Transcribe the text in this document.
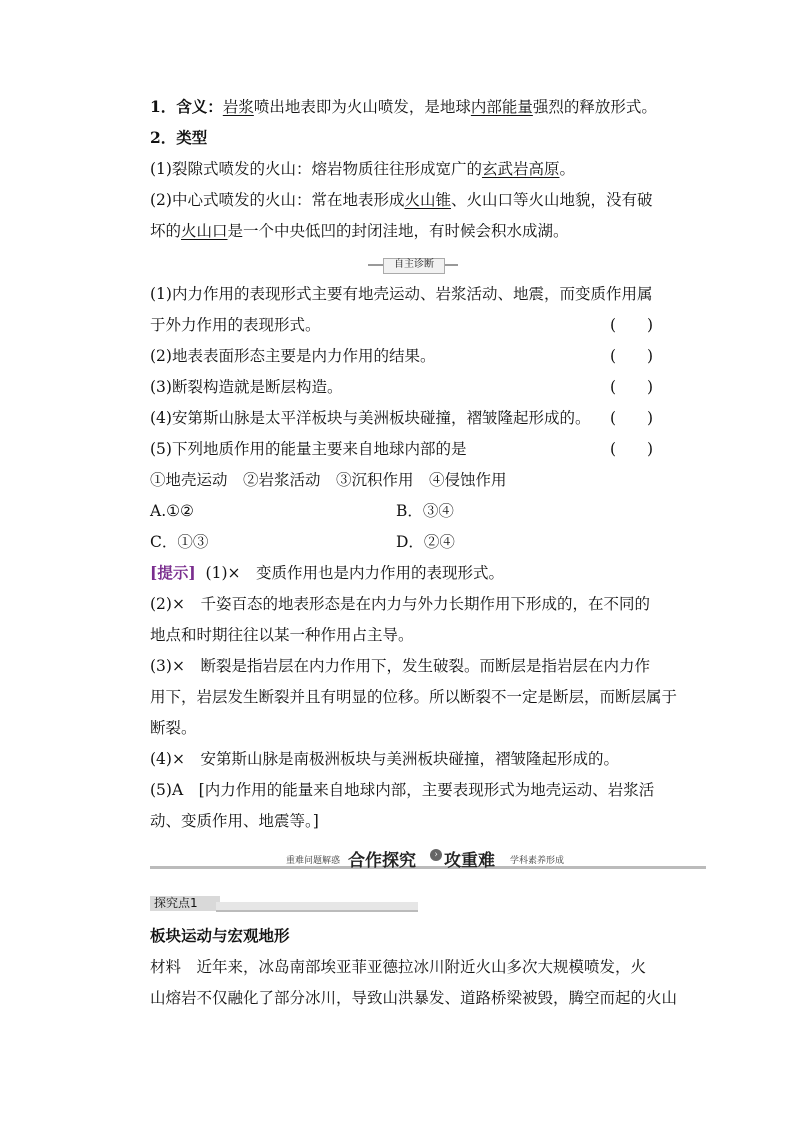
1．含义：岩浆喷出地表即为火山喷发，是地球内部能量强烈的释放形式。
2．类型
(1)裂隙式喷发的火山：熔岩物质往往形成宽广的玄武岩高原。
(2)中心式喷发的火山：常在地表形成火山锥、火山口等火山地貌，没有破
坏的火山口是一个中央低凹的封闭洼地，有时候会积水成湖。
自主诊断
(1)内力作用的表现形式主要有地壳运动、岩浆活动、地震，而变质作用属
于外力作用的表现形式。	(　　)
(2)地表表面形态主要是内力作用的结果。	(　　)
(3)断裂构造就是断层构造。	(　　)
(4)安第斯山脉是太平洋板块与美洲板块碰撞，褶皱隆起形成的。 (　　)
(5)下列地质作用的能量主要来自地球内部的是	(　　)
①地壳运动　②岩浆活动　③沉积作用　④侵蚀作用
A.①②	B．③④
C．①③	D．②④
[提示] (1)×　变质作用也是内力作用的表现形式。
(2)×　千姿百态的地表形态是在内力与外力长期作用下形成的，在不同的
地点和时期往往以某一种作用占主导。
(3)×　断裂是指岩层在内力作用下，发生破裂。而断层是指岩层在内力作
用下，岩层发生断裂并且有明显的位移。所以断裂不一定是断层，而断层属于
断裂。
(4)×　安第斯山脉是南极洲板块与美洲板块碰撞，褶皱隆起形成的。
(5)A　[内力作用的能量来自地球内部，主要表现形式为地壳运动、岩浆活
动、变质作用、地震等。]
重难问题解惑 合作探究	› 攻重难 学科素养形成
探究点1
板块运动与宏观地形
材料　近年来，冰岛南部埃亚菲亚德拉冰川附近火山多次大规模喷发，火
山熔岩不仅融化了部分冰川，导致山洪暴发、道路桥梁被毁，腾空而起的火山
